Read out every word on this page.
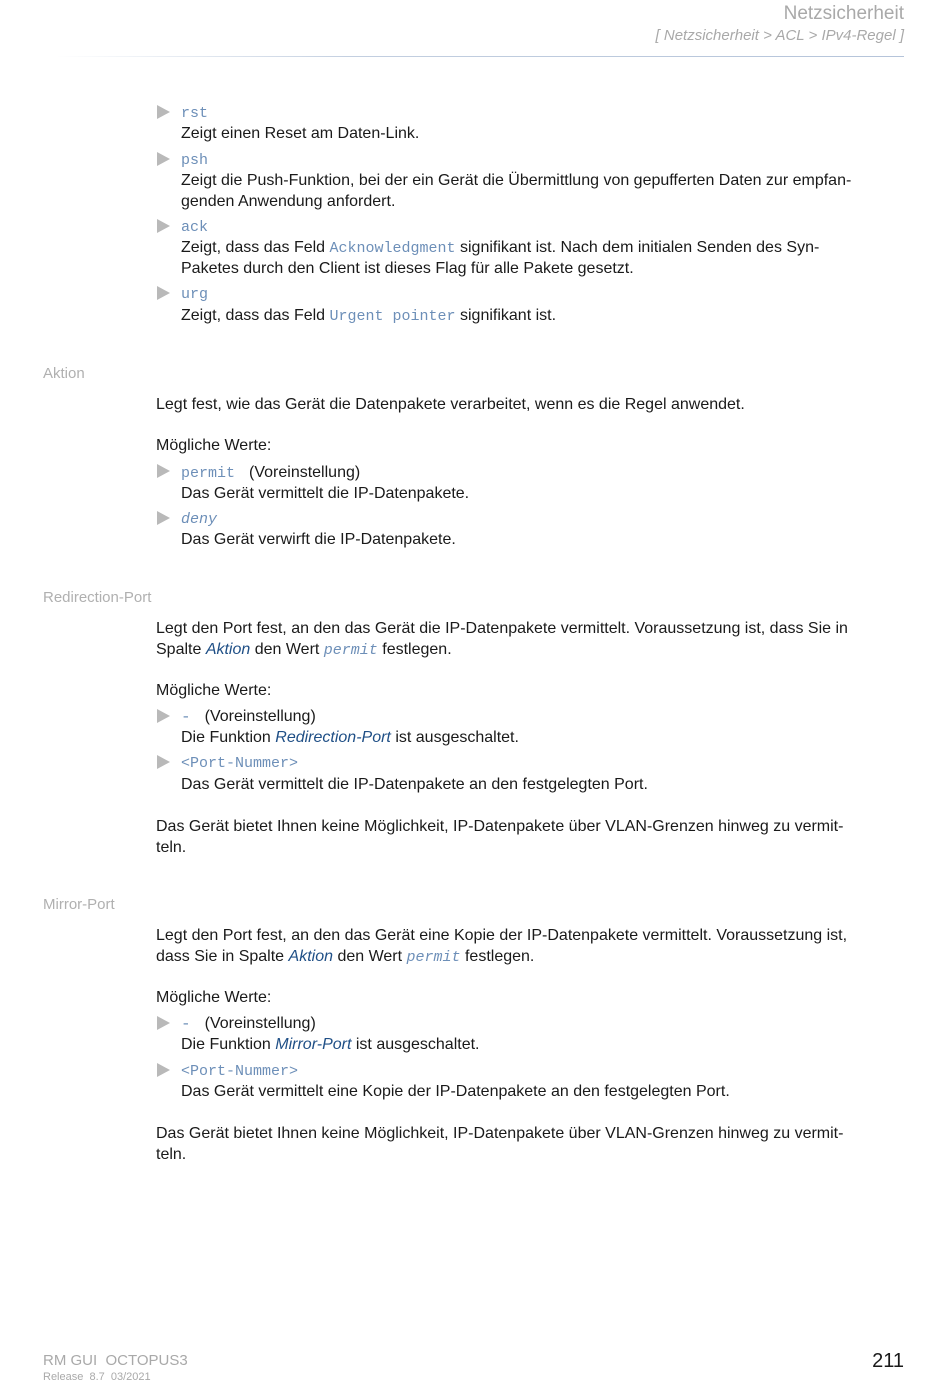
Netzsicherheit
[ Netzsicherheit > ACL > IPv4-Regel ]
rst
Zeigt einen Reset am Daten-Link.
psh
Zeigt die Push-Funktion, bei der ein Gerät die Übermittlung von gepufferten Daten zur empfan-
genden Anwendung anfordert.
ack
Zeigt, dass das Feld Acknowledgment signifikant ist. Nach dem initialen Senden des Syn-
Paketes durch den Client ist dieses Flag für alle Pakete gesetzt.
urg
Zeigt, dass das Feld Urgent pointer signifikant ist.
Aktion
Legt fest, wie das Gerät die Datenpakete verarbeitet, wenn es die Regel anwendet.
Mögliche Werte:
permit (Voreinstellung)
Das Gerät vermittelt die IP-Datenpakete.
deny
Das Gerät verwirft die IP-Datenpakete.
Redirection-Port
Legt den Port fest, an den das Gerät die IP-Datenpakete vermittelt. Voraussetzung ist, dass Sie in
Spalte Aktion den Wert permit festlegen.
Mögliche Werte:
- (Voreinstellung)
Die Funktion Redirection-Port ist ausgeschaltet.
<Port-Nummer>
Das Gerät vermittelt die IP-Datenpakete an den festgelegten Port.
Das Gerät bietet Ihnen keine Möglichkeit, IP-Datenpakete über VLAN-Grenzen hinweg zu vermit-
teln.
Mirror-Port
Legt den Port fest, an den das Gerät eine Kopie der IP-Datenpakete vermittelt. Voraussetzung ist,
dass Sie in Spalte Aktion den Wert permit festlegen.
Mögliche Werte:
- (Voreinstellung)
Die Funktion Mirror-Port ist ausgeschaltet.
<Port-Nummer>
Das Gerät vermittelt eine Kopie der IP-Datenpakete an den festgelegten Port.
Das Gerät bietet Ihnen keine Möglichkeit, IP-Datenpakete über VLAN-Grenzen hinweg zu vermit-
teln.
RM GUI  OCTOPUS3
Release  8.7  03/2021
211
